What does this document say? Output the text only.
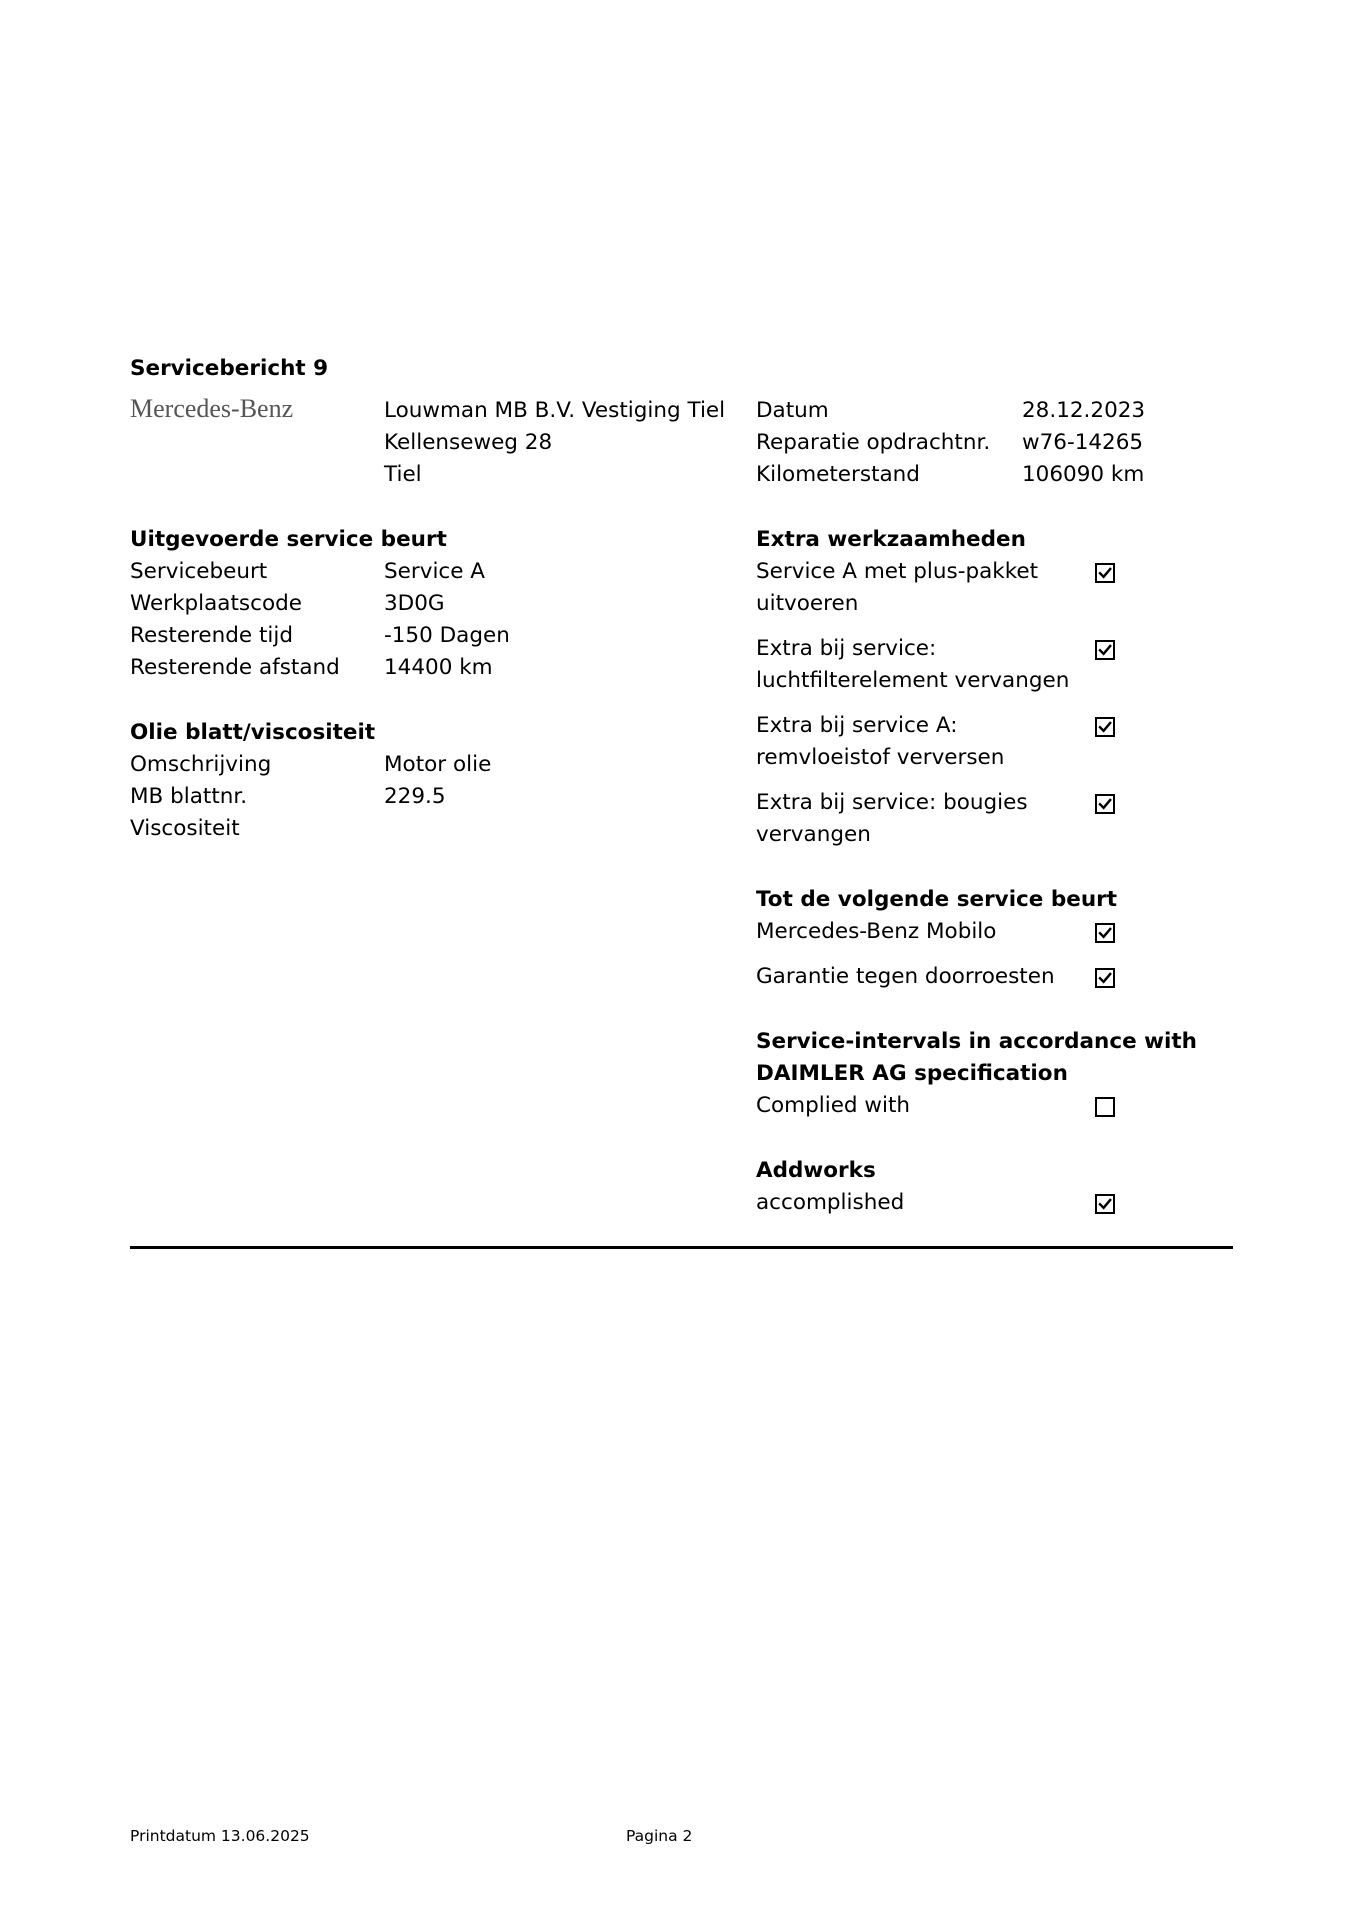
Servicebericht 9
Mercedes-Benz	Louwman MB B.V. Vestiging Tiel
Kellenseweg 28
Tiel
Datum	28.12.2023
Reparatie opdrachtnr. w76-14265
Kilometerstand	106090 km
Uitgevoerde service beurt
Servicebeurt	Service A
Werkplaatscode	3D0G
Resterende tijd	-150 Dagen
Resterende afstand 14400 km
Olie blatt/viscositeit
Omschrijving	Motor olie
MB blattnr.	229.5
Viscositeit
Extra werkzaamheden
Service A met plus-pakket
uitvoeren
Extra bij service:
luchtfilterelement vervangen
Extra bij service A:
remvloeistof verversen
Extra bij service: bougies
vervangen
Tot de volgende service beurt
Mercedes-Benz Mobilo
Garantie tegen doorroesten
Service-intervals in accordance with
DAIMLER AG specification
Complied with
Addworks
accomplished
Printdatum 13.06.2025	Pagina 2
